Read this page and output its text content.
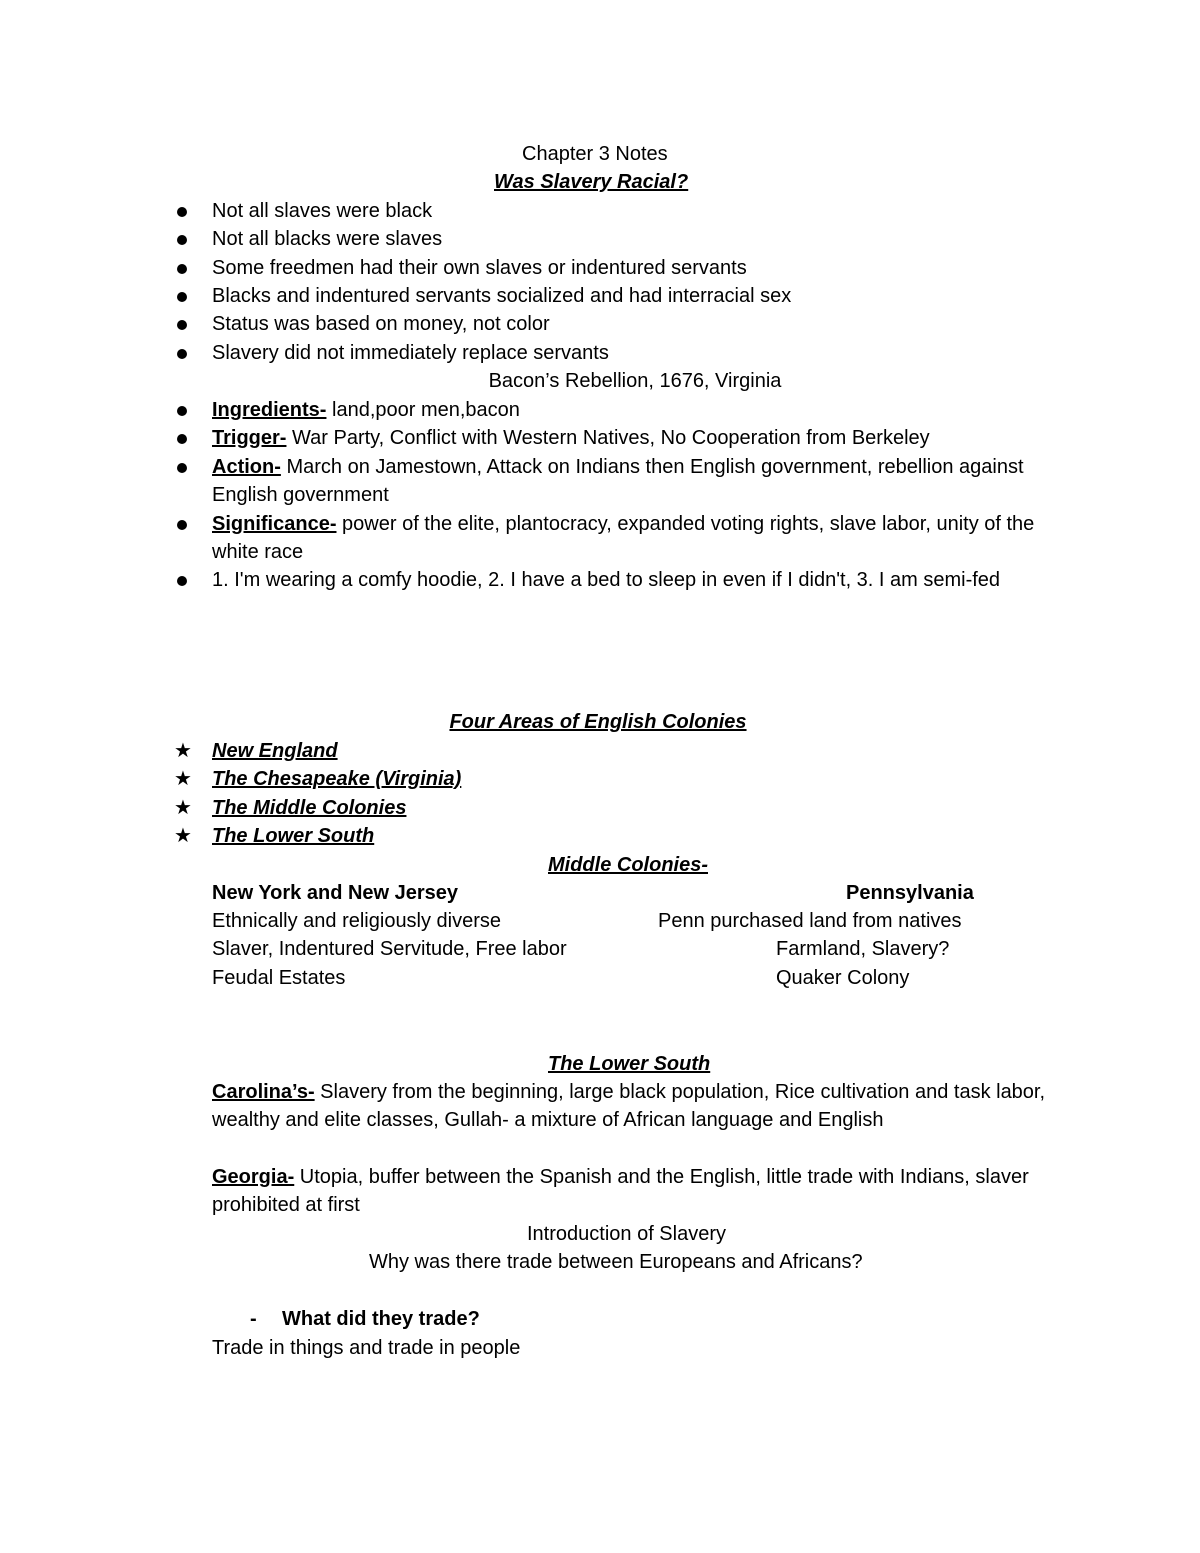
Chapter 3 Notes
Was Slavery Racial?
Not all slaves were black
Not all blacks were slaves
Some freedmen had their own slaves or indentured servants
Blacks and indentured servants socialized and had interracial sex
Status was based on money, not color
Slavery did not immediately replace servants
Bacon’s Rebellion, 1676, Virginia
Ingredients- land,poor men,bacon
Trigger- War Party, Conflict with Western Natives, No Cooperation from Berkeley
Action- March on Jamestown, Attack on Indians then English government, rebellion against English government
Significance- power of the elite, plantocracy, expanded voting rights, slave labor, unity of the white race
1. I'm wearing a comfy hoodie, 2. I have a bed to sleep in even if I didn't, 3. I am semi-fed
Four Areas of English Colonies
★ New England
★ The Chesapeake (Virginia)
★ The Middle Colonies
★ The Lower South
Middle Colonies-
New York and New Jersey	Pennsylvania
Ethnically and religiously diverse	Penn purchased land from natives
Slaver, Indentured Servitude, Free labor	Farmland, Slavery?
Feudal Estates	Quaker Colony
The Lower South
Carolina’s- Slavery from the beginning, large black population, Rice cultivation and task labor, wealthy and elite classes, Gullah- a mixture of African language and English
Georgia- Utopia, buffer between the Spanish and the English, little trade with Indians, slaver prohibited at first
Introduction of Slavery
Why was there trade between Europeans and Africans?
- What did they trade?
Trade in things and trade in people
